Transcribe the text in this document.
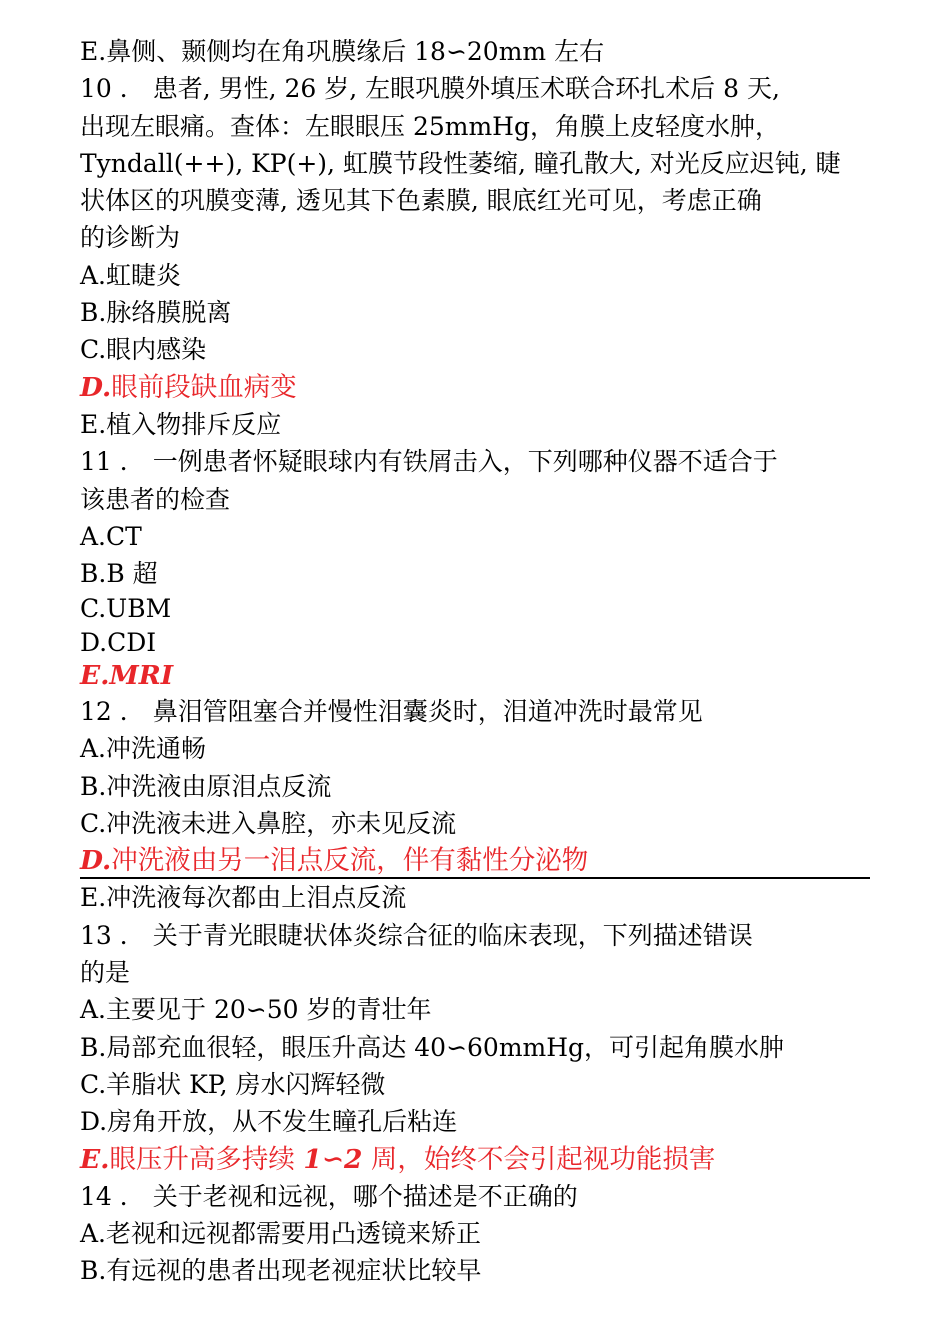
E.鼻侧、颞侧均在角巩膜缘后 18∽20mm 左右
10 ． 患者, 男性, 26 岁, 左眼巩膜外填压术联合环扎术后 8 天,
出现左眼痛。查体：左眼眼压 25mmHg，角膜上皮轻度水肿，
Tyndall(++), KP(+), 虹膜节段性萎缩, 瞳孔散大, 对光反应迟钝, 睫
状体区的巩膜变薄, 透见其下色素膜, 眼底红光可见，考虑正确
的诊断为
A.虹睫炎
B.脉络膜脱离
C.眼内感染
D.眼前段缺血病变
E.植入物排斥反应
11 ． 一例患者怀疑眼球内有铁屑击入，下列哪种仪器不适合于
该患者的检查
A.CT
B.B 超
C.UBM
D.CDI
E.MRI
12 ． 鼻泪管阻塞合并慢性泪囊炎时，泪道冲洗时最常见
A.冲洗通畅
B.冲洗液由原泪点反流
C.冲洗液未进入鼻腔，亦未见反流
D.冲洗液由另一泪点反流，伴有黏性分泌物
E.冲洗液每次都由上泪点反流
13 ． 关于青光眼睫状体炎综合征的临床表现，下列描述错误
的是
A.主要见于 20∽50 岁的青壮年
B.局部充血很轻，眼压升高达 40∽60mmHg，可引起角膜水肿
C.羊脂状 KP, 房水闪辉轻微
D.房角开放，从不发生瞳孔后粘连
E.眼压升高多持续 1∽2 周，始终不会引起视功能损害
14 ． 关于老视和远视，哪个描述是不正确的
A.老视和远视都需要用凸透镜来矫正
B.有远视的患者出现老视症状比较早
